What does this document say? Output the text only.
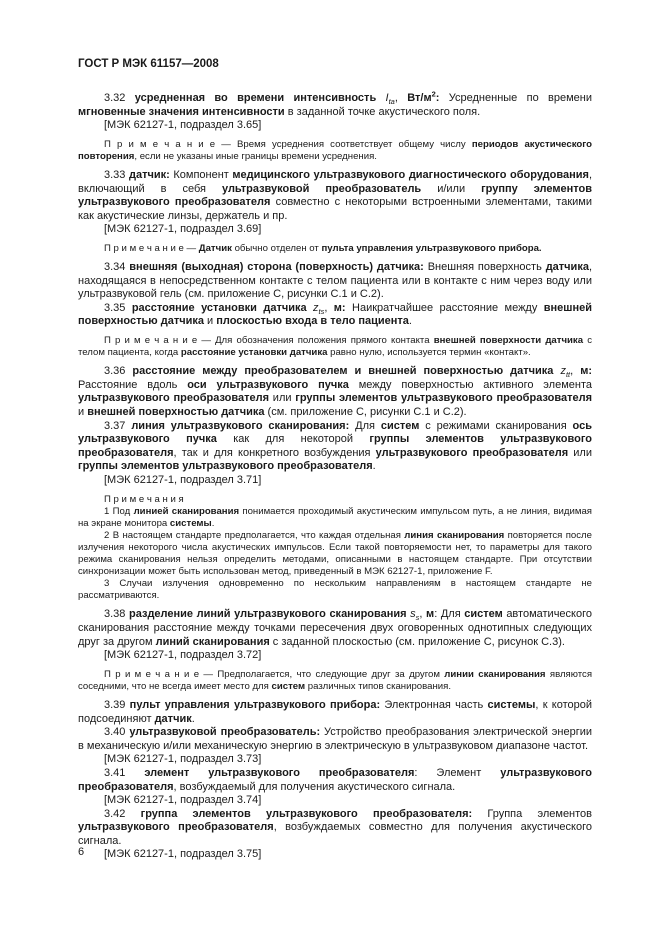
ГОСТ Р МЭК 61157—2008

3.32 усредненная во времени интенсивность $I_{ta}$, $Вт/м^2$: Усредненные по времени мгновенные значения интенсивности в заданной точке акустического поля.

[МЭК 62127-1, подраздел 3.65]

П р и м е ч а н и е — Время усреднения соответствует общему числу периодов акустического повторения, если не указаны иные границы времени усреднения.

3.33 датчик: Компонент медицинского ультразвукового диагностического оборудования, включающий в себя ультразвуковой преобразователь и/или группу элементов ультразвукового преобразователя совместно с некоторыми встроенными элементами, такими как акустические линзы, держатель и пр.

[МЭК 62127-1, подраздел 3.69]

П р и м е ч а н и е — Датчик обычно отделен от пульта управления ультразвукового прибора.

3.34 внешняя (выходная) сторона (поверхность) датчика: Внешняя поверхность датчика, находящаяся в непосредственном контакте с телом пациента или в контакте с ним через воду или ультразвуковой гель (см. приложение С, рисунки С.1 и С.2).

3.35 расстояние установки датчика $z_{ts}$, м: Наикратчайшее расстояние между внешней поверхностью датчика и плоскостью входа в тело пациента.

П р и м е ч а н и е — Для обозначения положения прямого контакта внешней поверхности датчика с телом пациента, когда расстояние установки датчика равно нулю, используется термин «контакт».

3.36 расстояние между преобразователем и внешней поверхностью датчика $z_{tt}$, м: Расстояние вдоль оси ультразвукового пучка между поверхностью активного элемента ультразвукового преобразователя или группы элементов ультразвукового преобразователя и внешней поверхностью датчика (см. приложение С, рисунки С.1 и С.2).

3.37 линия ультразвукового сканирования: Для систем с режимами сканирования ось ультразвукового пучка как для некоторой группы элементов ультразвукового преобразователя, так и для конкретного возбуждения ультразвукового преобразователя или группы элементов ультразвукового преобразователя.

[МЭК 62127-1, подраздел 3.71]

П р и м е ч а н и я

1 Под линией сканирования понимается проходимый акустическим импульсом путь, а не линия, видимая на экране монитора системы.

2 В настоящем стандарте предполагается, что каждая отдельная линия сканирования повторяется после излучения некоторого числа акустических импульсов. Если такой повторяемости нет, то параметры для такого режима сканирования нельзя определить методами, описанными в настоящем стандарте. При отсутствии синхронизации может быть использован метод, приведенный в МЭК 62127-1, приложение F.

3 Случаи излучения одновременно по нескольким направлениям в настоящем стандарте не рассматриваются.

3.38 разделение линий ультразвукового сканирования $s_s$, м: Для систем автоматического сканирования расстояние между точками пересечения двух оговоренных однотипных следующих друг за другом линий сканирования с заданной плоскостью (см. приложение С, рисунок С.3).

[МЭК 62127-1, подраздел 3.72]

П р и м е ч а н и е — Предполагается, что следующие друг за другом линии сканирования являются соседними, что не всегда имеет место для систем различных типов сканирования.

3.39 пульт управления ультразвукового прибора: Электронная часть системы, к которой подсоединяют датчик.

3.40 ультразвуковой преобразователь: Устройство преобразования электрической энергии в механическую и/или механическую энергию в электрическую в ультразвуковом диапазоне частот.

[МЭК 62127-1, подраздел 3.73]

3.41 элемент ультразвукового преобразователя: Элемент ультразвукового преобразователя, возбуждаемый для получения акустического сигнала.

[МЭК 62127-1, подраздел 3.74]

3.42 группа элементов ультразвукового преобразователя: Группа элементов ультразвукового преобразователя, возбуждаемых совместно для получения акустического сигнала.

[МЭК 62127-1, подраздел 3.75]

6
